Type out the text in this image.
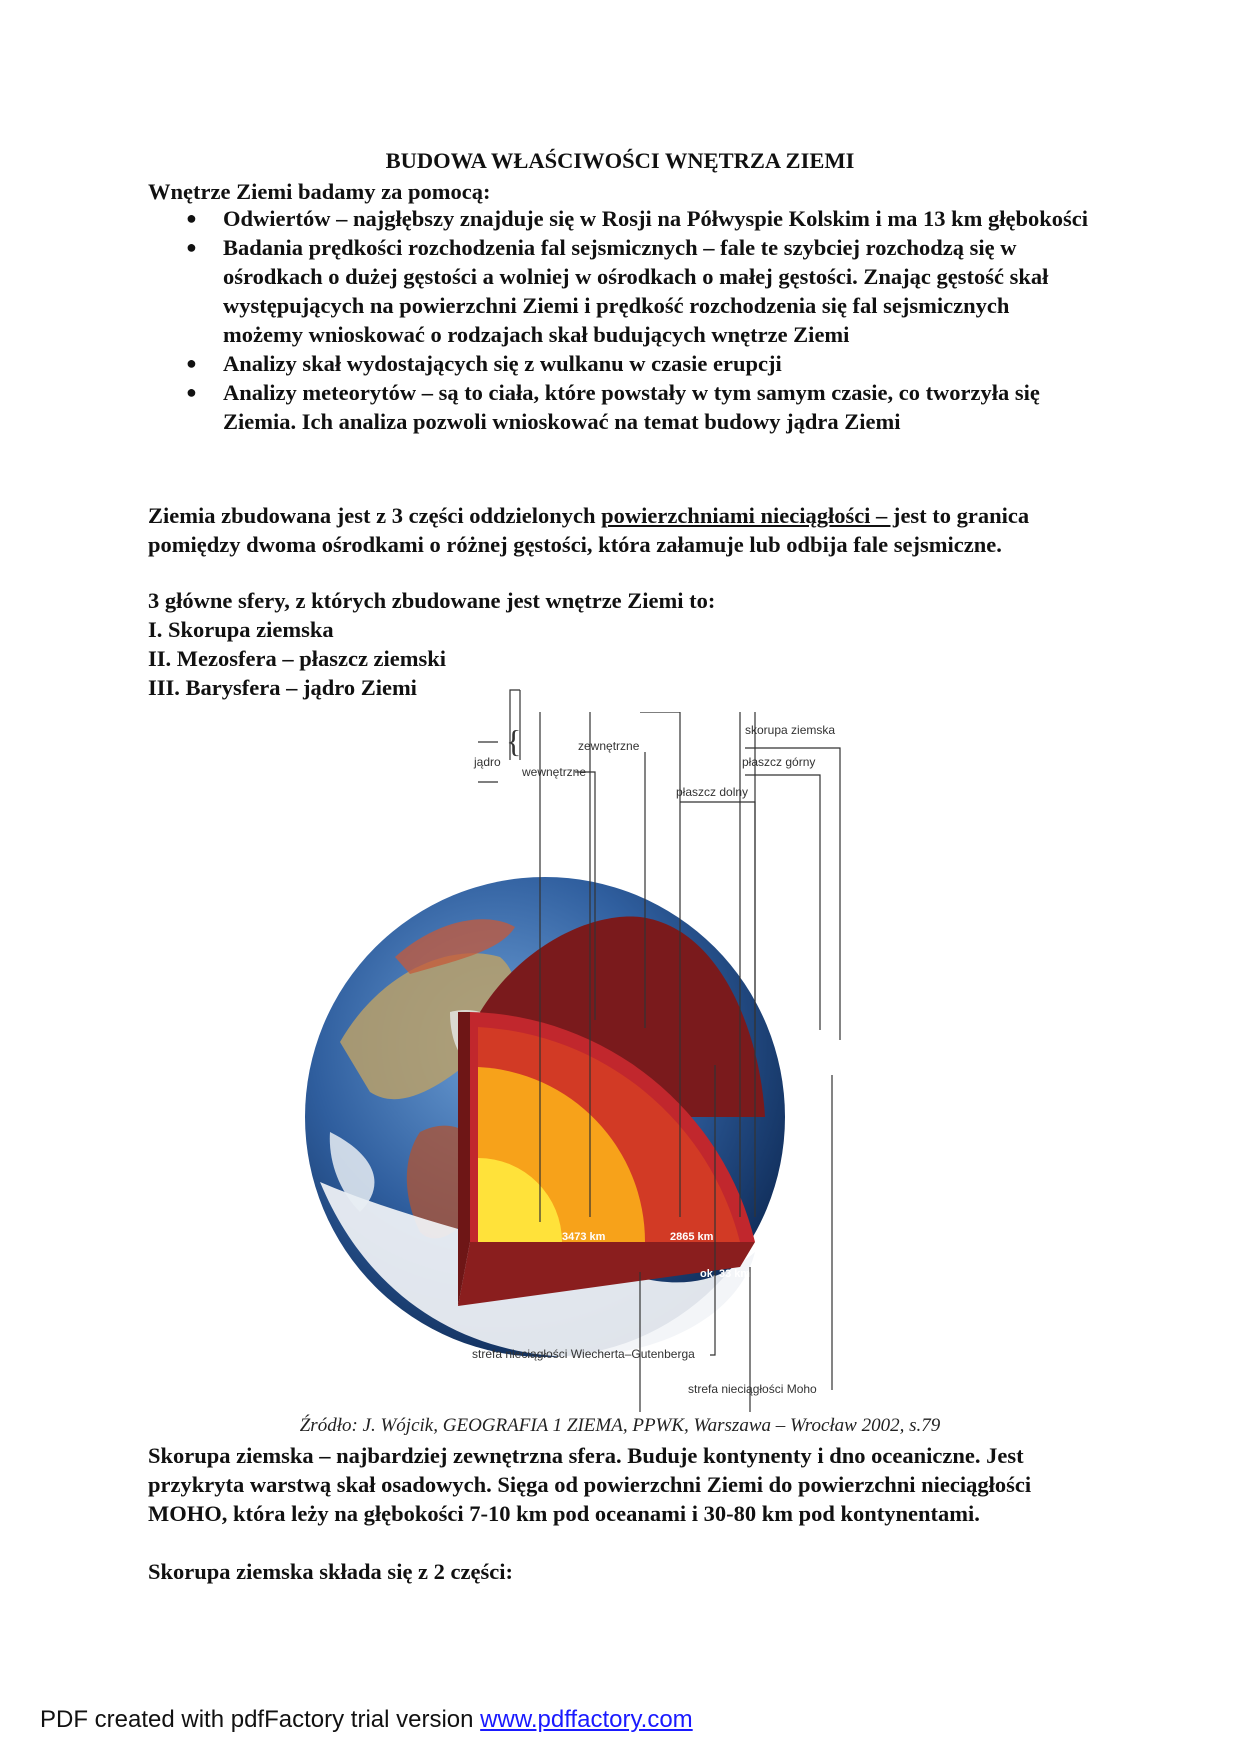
BUDOWA WŁAŚCIWOŚCI WNĘTRZA ZIEMI
Wnętrze Ziemi badamy za pomocą:
● Odwiertów – najgłębszy znajduje się w Rosji na Półwyspie Kolskim i ma 13 km głębokości
● Badania prędkości rozchodzenia fal sejsmicznych – fale te szybciej rozchodzą się w ośrodkach o dużej gęstości a wolniej w ośrodkach o małej gęstości. Znając gęstość skał występujących na powierzchni Ziemi i prędkość rozchodzenia się fal sejsmicznych możemy wnioskować o rodzajach skał budujących wnętrze Ziemi
● Analizy skał wydostających się z wulkanu w czasie erupcji
● Analizy meteorytów – są to ciała, które powstały w tym samym czasie, co tworzyła się Ziemia. Ich analiza pozwoli wnioskować na temat budowy jądra Ziemi
Ziemia zbudowana jest z 3 części oddzielonych powierzchniami nieciągłości – jest to granica pomiędzy dwoma ośrodkami o różnej gęstości, która załamuje lub odbija fale sejsmiczne.
3 główne sfery, z których zbudowane jest wnętrze Ziemi to:
I. Skorupa ziemska
II. Mezosfera – płaszcz ziemski
III. Barysfera – jądro Ziemi
3473 km	2865 km
ok. 33 km
jądro
{	zewnętrzne
wewnętrzne
skorupa ziemska
płaszcz górny
płaszcz dolny
strefa nieciągłości Wiecherta–Gutenberga
strefa nieciągłości Moho
Źródło: J. Wójcik, GEOGRAFIA 1 ZIEMA, PPWK, Warszawa – Wrocław 2002, s.79
Skorupa ziemska – najbardziej zewnętrzna sfera. Buduje kontynenty i dno oceaniczne. Jest przykryta warstwą skał osadowych. Sięga od powierzchni Ziemi do powierzchni nieciągłości MOHO, która leży na głębokości 7-10 km pod oceanami i 30-80 km pod kontynentami.
Skorupa ziemska składa się z 2 części:
PDF created with pdfFactory trial version www.pdffactory.com
